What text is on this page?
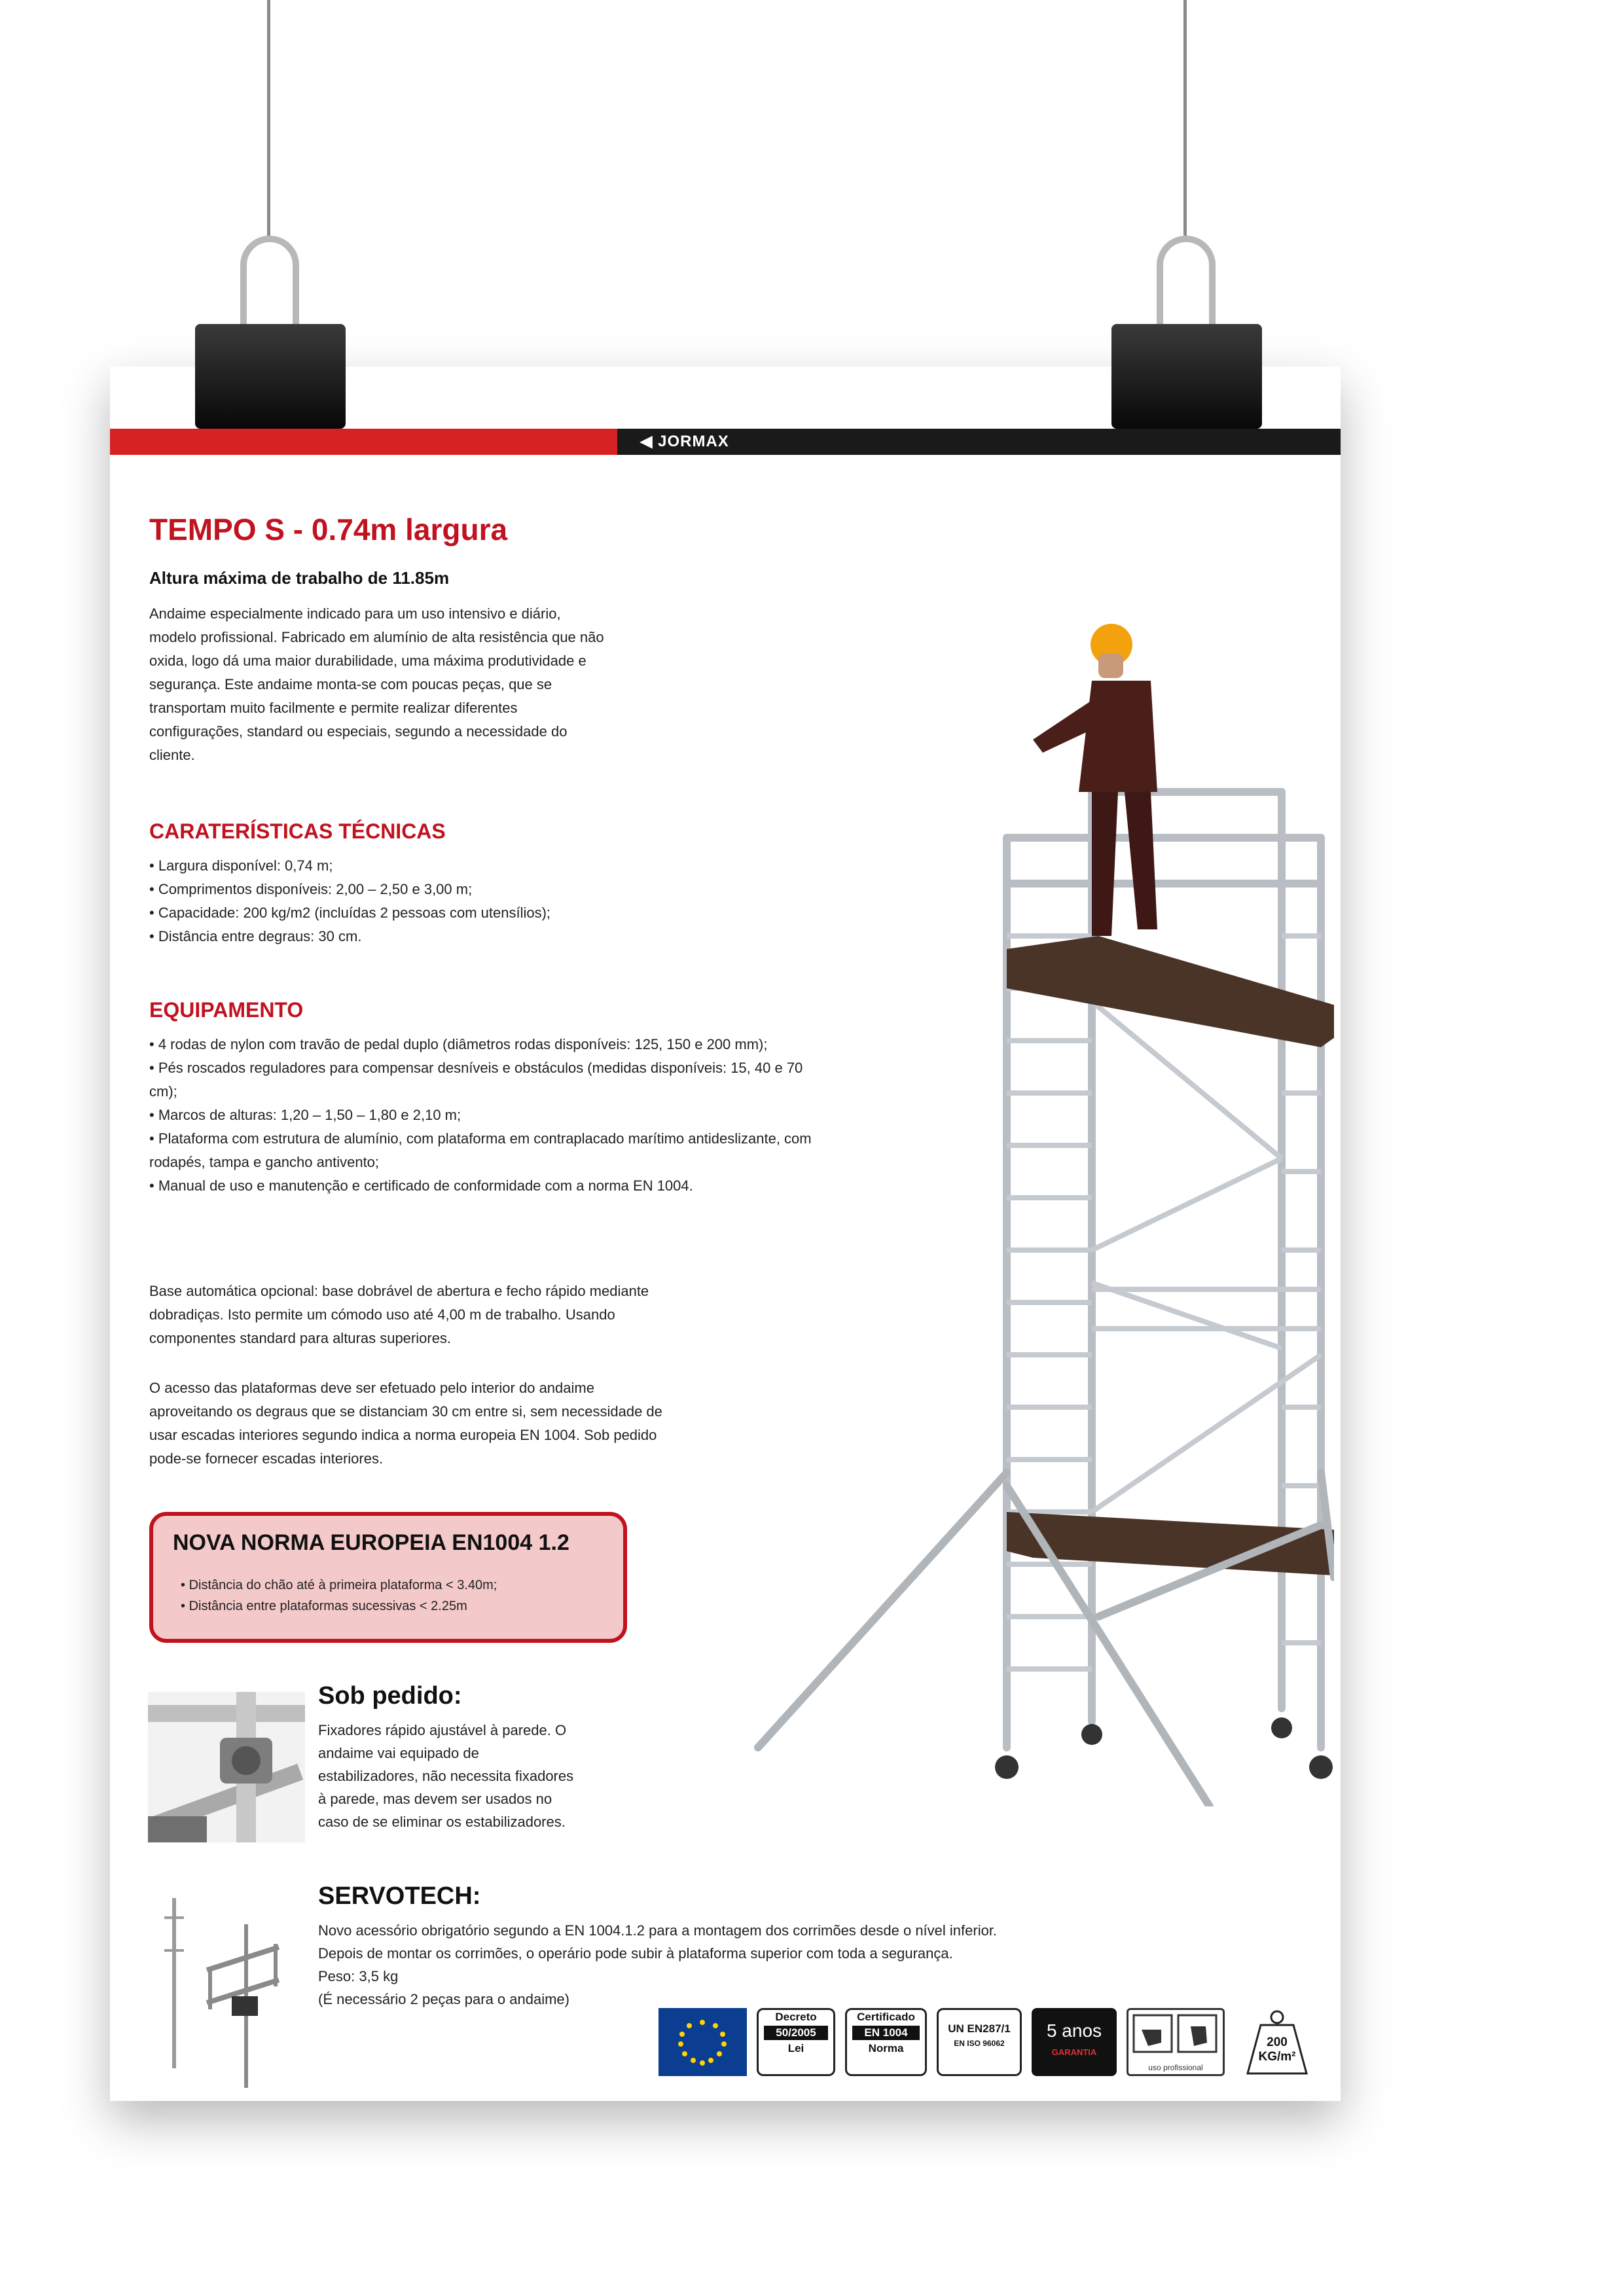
◀ JORMAX
TEMPO S - 0.74m largura
Altura máxima de trabalho de 11.85m
Andaime especialmente indicado para um uso intensivo e diário,
modelo profissional. Fabricado em alumínio de alta resistência que não
oxida, logo dá uma maior durabilidade, uma máxima produtividade e
segurança. Este andaime monta-se com poucas peças, que se
transportam muito facilmente e permite realizar diferentes
configurações, standard ou especiais, segundo a necessidade do
cliente.
CARATERÍSTICAS TÉCNICAS
• Largura disponível: 0,74 m;
• Comprimentos disponíveis: 2,00 – 2,50 e 3,00 m;
• Capacidade: 200 kg/m2 (incluídas 2 pessoas com utensílios);
• Distância entre degraus: 30 cm.
EQUIPAMENTO
• 4 rodas de nylon com travão de pedal duplo (diâmetros rodas disponíveis: 125, 150 e 200 mm);
• Pés roscados reguladores para compensar desníveis e obstáculos (medidas disponíveis: 15, 40 e 70 cm);
• Marcos de alturas: 1,20 – 1,50 – 1,80 e 2,10 m;
• Plataforma com estrutura de alumínio, com plataforma em contraplacado marítimo antideslizante, com rodapés, tampa e gancho antivento;
• Manual de uso e manutenção e certificado de conformidade com a norma EN 1004.
Base automática opcional: base dobrável de abertura e fecho rápido mediante
dobradiças. Isto permite um cómodo uso até 4,00 m de trabalho. Usando
componentes standard para alturas superiores.
O acesso das plataformas deve ser efetuado pelo interior do andaime
aproveitando os degraus que se distanciam 30 cm entre si, sem necessidade de
usar escadas interiores segundo indica a norma europeia EN 1004. Sob pedido
pode-se fornecer escadas interiores.
NOVA NORMA EUROPEIA EN1004 1.2
• Distância do chão até à primeira plataforma < 3.40m;
• Distância entre plataformas sucessivas < 2.25m
Sob pedido:
Fixadores rápido ajustável à parede. O
andaime vai equipado de
estabilizadores, não necessita fixadores
à parede, mas devem ser usados no
caso de se eliminar os estabilizadores.
SERVOTECH:
Novo acessório obrigatório segundo a EN 1004.1.2 para a montagem dos corrimões desde o nível inferior.
Depois de montar os corrimões, o operário pode subir à plataforma superior com toda a segurança.
Peso: 3,5 kg
(É necessário 2 peças para o andaime)
Decreto
50/2005
Lei
Certificado
EN 1004
Norma
UN EN287/1
EN ISO 96062
5 anos
GARANTIA
uso profissional
200
KG/m²
